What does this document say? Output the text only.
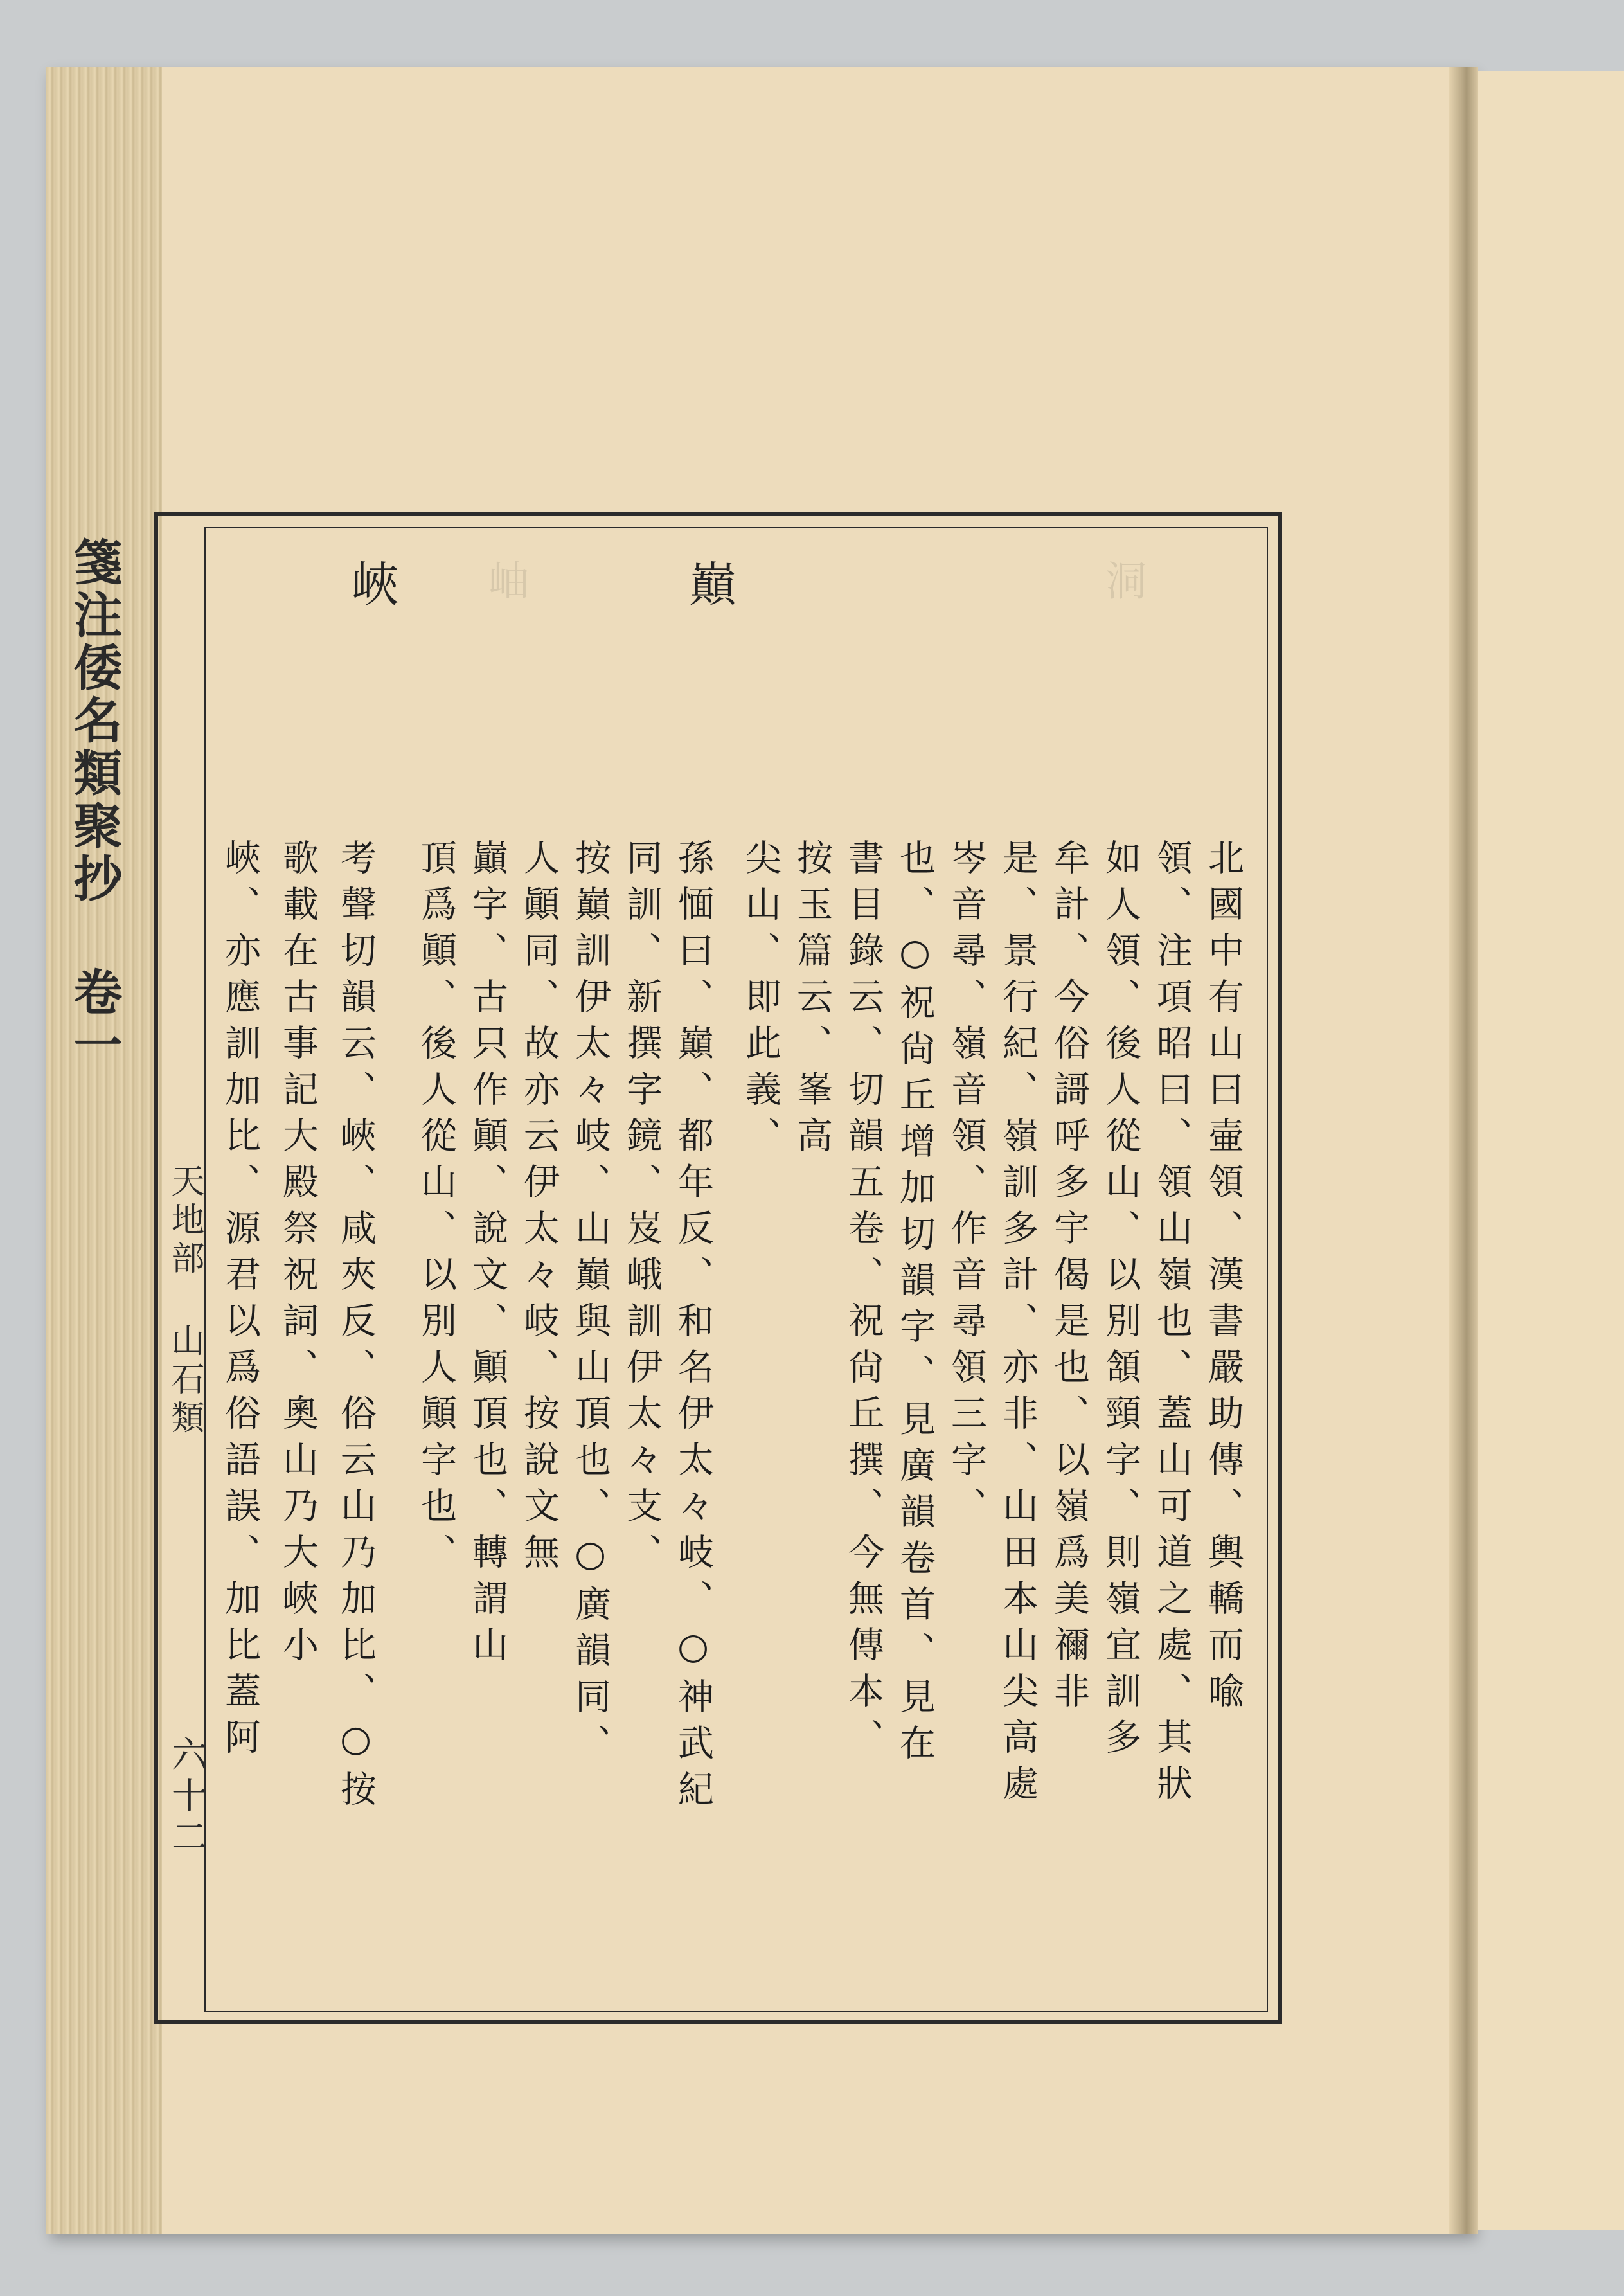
箋注倭名類聚抄 卷一
天地部 山石類
六十二
洞
岫	巔
峽
北國中有山曰壷領、漢書嚴助傳、輿轎而喩
領、注項昭曰、領山嶺也、蓋山可道之處、其狀
如人領、後人從山、以別頷頸字、則嶺宜訓多
牟計、今俗謌呼多宇偈是也、以嶺爲美禰非
是、景行紀、嶺訓多計、亦非、山田本山尖高處
岑音尋、嶺音領、作音尋領三字、
也、○祝尙丘增加切韻字、見廣韻卷首、見在
書目錄云、切韻五卷、祝尙丘撰、今無傳本、
按玉篇云、峯高
尖山、即此義、
孫愐曰、巔、都年反、和名伊太々岐、○神武紀
同訓、新撰字鏡、岌峨訓伊太々支、
按巔訓伊太々岐、山巔與山頂也、○廣韻同、
人顚同、故亦云伊太々岐、按說文無
巓字、古只作顚、說文、顚頂也、轉謂山
頂爲顚、後人從山、以別人顚字也、
考聲切韻云、峽、咸夾反、俗云山乃加比、○按
歌載在古事記大殿祭祝詞、奧山乃大峽小
峽、亦應訓加比、源君以爲俗語誤、加比蓋阿
